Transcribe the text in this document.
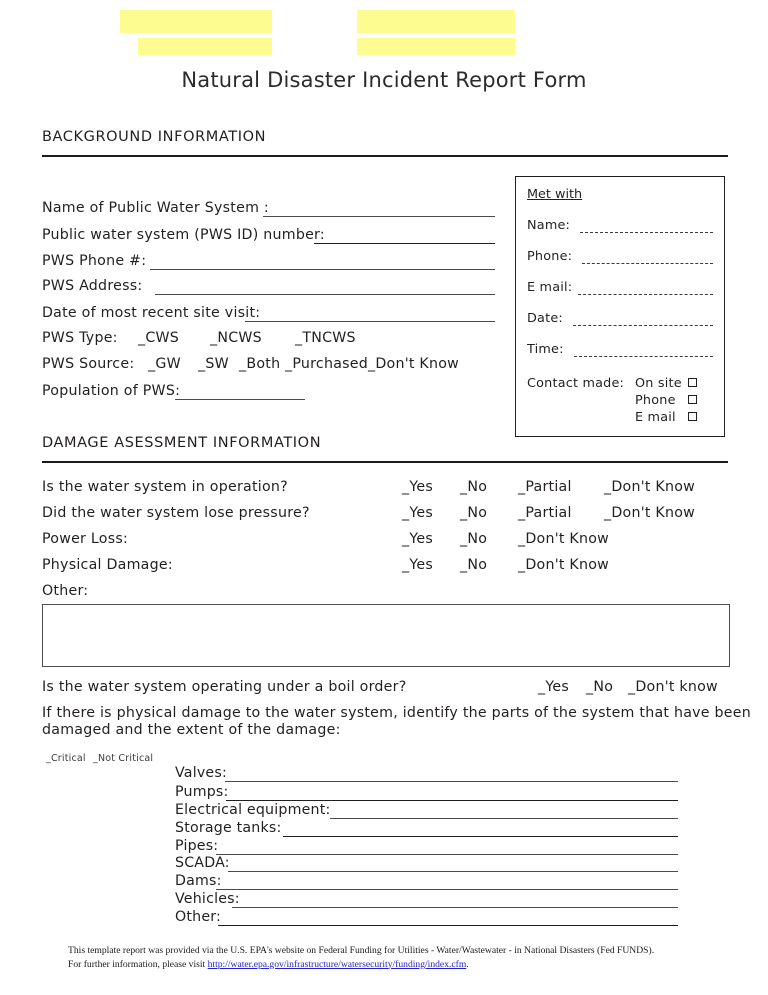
Natural Disaster Incident Report Form
BACKGROUND INFORMATION
Name of Public Water System :
Public water system (PWS ID) number:
PWS Phone #:
PWS Address:
Date of most recent site visit:
PWS Type: _CWS _NCWS _TNCWS
PWS Source: _GW _SW _Both _Purchased _Don't Know
Population of PWS:
Met with
Name:
Phone:
E mail:
Date:
Time:
Contact made: On site
Phone
E mail
DAMAGE ASESSMENT INFORMATION
Is the water system in operation?	_Yes _No _Partial _Don't Know
Did the water system lose pressure?	_Yes _No _Partial _Don't Know
Power Loss:	_Yes _No _Don't Know
Physical Damage:	_Yes _No _Don't Know
Other:
Is the water system operating under a boil order?	_Yes _No _Don't know
If there is physical damage to the water system, identify the parts of the system that have been
damaged and the extent of the damage:
_Critical _Not Critical
Valves:
Pumps:
Electrical equipment:
Storage tanks:
Pipes:
SCADA:
Dams:
Vehicles:
Other:
This template report was provided via the U.S. EPA's website on Federal Funding for Utilities - Water/Wastewater - in National Disasters (Fed FUNDS).
For further information, please visit http://water.epa.gov/infrastructure/watersecurity/funding/index.cfm.
